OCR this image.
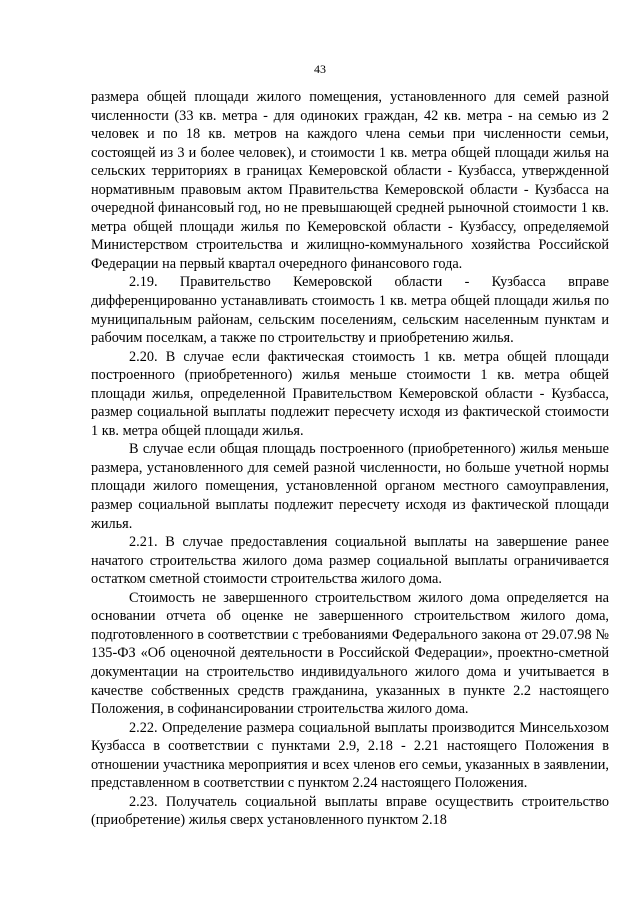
43

размера общей площади жилого помещения, установленного для семей разной численности (33 кв. метра - для одиноких граждан, 42 кв. метра - на семью из 2 человек и по 18 кв. метров на каждого члена семьи при численности семьи, состоящей из 3 и более человек), и стоимости 1 кв. метра общей площади жилья на сельских территориях в границах Кемеровской области - Кузбасса, утвержденной нормативным правовым актом Правительства Кемеровской области - Кузбасса на очередной финансовый год, но не превышающей средней рыночной стоимости 1 кв. метра общей площади жилья по Кемеровской области - Кузбассу, определяемой Министерством строительства и жилищно-коммунального хозяйства Российской Федерации на первый квартал очередного финансового года.

2.19. Правительство Кемеровской области - Кузбасса вправе дифференцированно устанавливать стоимость 1 кв. метра общей площади жилья по муниципальным районам, сельским поселениям, сельским населенным пунктам и рабочим поселкам, а также по строительству и приобретению жилья.

2.20. В случае если фактическая стоимость 1 кв. метра общей площади построенного (приобретенного) жилья меньше стоимости 1 кв. метра общей площади жилья, определенной Правительством Кемеровской области - Кузбасса, размер социальной выплаты подлежит пересчету исходя из фактической стоимости 1 кв. метра общей площади жилья.

В случае если общая площадь построенного (приобретенного) жилья меньше размера, установленного для семей разной численности, но больше учетной нормы площади жилого помещения, установленной органом местного самоуправления, размер социальной выплаты подлежит пересчету исходя из фактической площади жилья.

2.21. В случае предоставления социальной выплаты на завершение ранее начатого строительства жилого дома размер социальной выплаты ограничивается остатком сметной стоимости строительства жилого дома.

Стоимость не завершенного строительством жилого дома определяется на основании отчета об оценке не завершенного строительством жилого дома, подготовленного в соответствии с требованиями Федерального закона от 29.07.98 № 135-ФЗ «Об оценочной деятельности в Российской Федерации», проектно-сметной документации на строительство индивидуального жилого дома и учитывается в качестве собственных средств гражданина, указанных в пункте 2.2 настоящего Положения, в софинансировании строительства жилого дома.

2.22. Определение размера социальной выплаты производится Минсельхозом Кузбасса в соответствии с пунктами 2.9, 2.18 - 2.21 настоящего Положения в отношении участника мероприятия и всех членов его семьи, указанных в заявлении, представленном в соответствии с пунктом 2.24 настоящего Положения.

2.23. Получатель социальной выплаты вправе осуществить строительство (приобретение) жилья сверх установленного пунктом 2.18
